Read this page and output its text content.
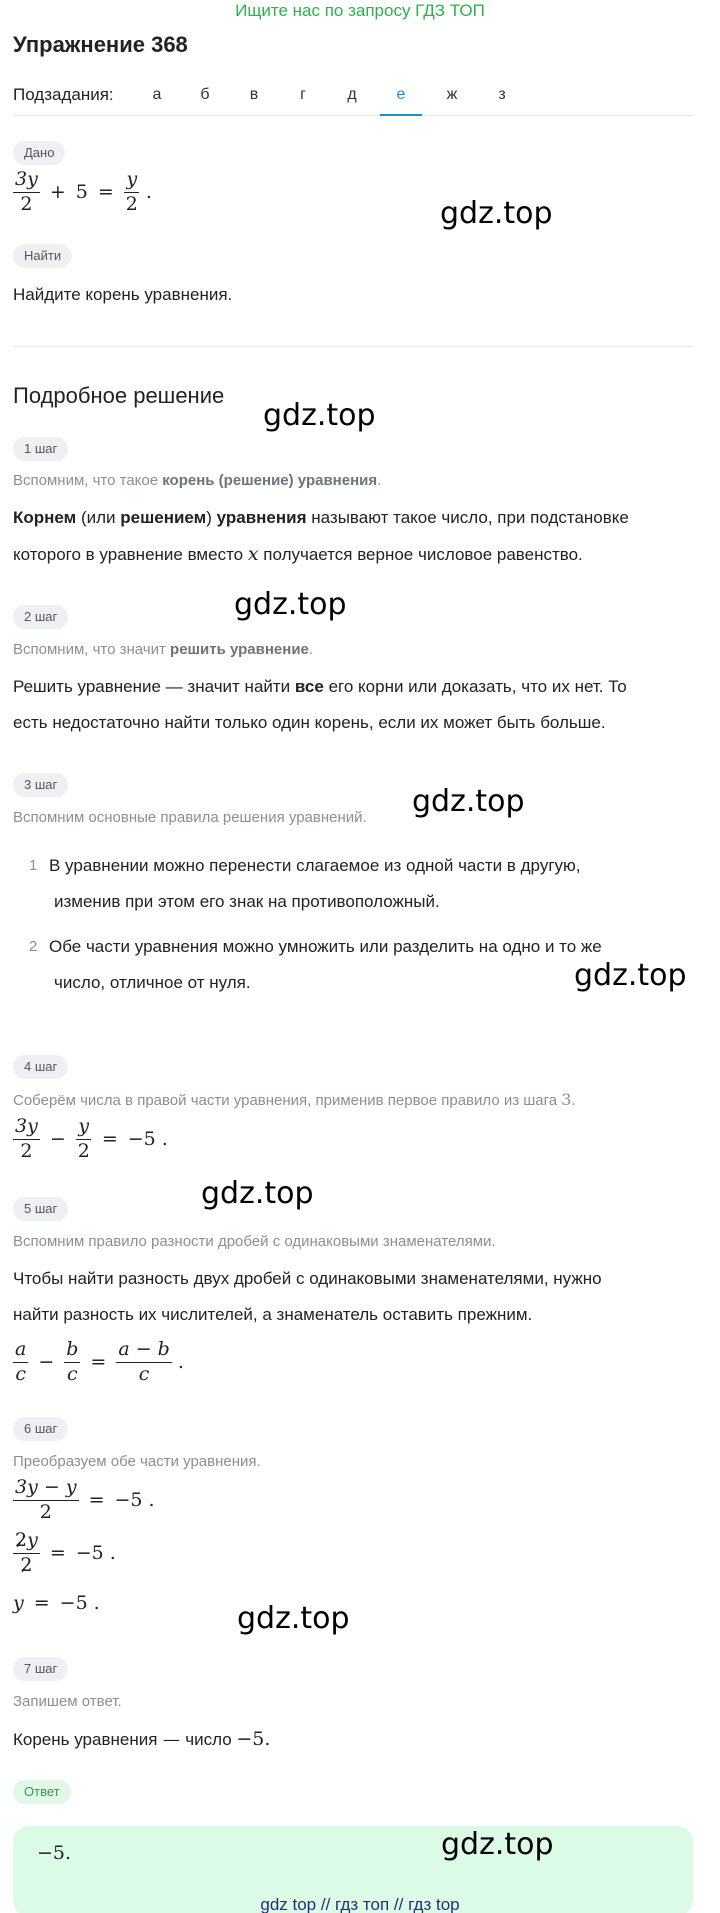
Ищите нас по запросу ГДЗ ТОП
Упражнение 368
Подзадания:	а	б	в	г	д	е	ж	з
Дано
$\frac{3y}{2} + 5 = \frac{y}{2}$ .
gdz.top
Найти
Найдите корень уравнения.
Подробное решение
gdz.top
1 шаг
Вспомним, что такое корень (решение) уравнения.
Корнем (или решением) уравнения называют такое число, при подстановке
которого в уравнение вместо x получается верное числовое равенство.
gdz.top
2 шаг
Вспомним, что значит решить уравнение.
Решить уравнение — значит найти все его корни или доказать, что их нет. То
есть недостаточно найти только один корень, если их может быть больше.
3 шаг
Вспомним основные правила решения уравнений. gdz.top
1 В уравнении можно перенести слагаемое из одной части в другую,
изменив при этом его знак на противоположный.
2 Обе части уравнения можно умножить или разделить на одно и то же
число, отличное от нуля.	gdz.top
4 шаг
Соберём числа в правой части уравнения, применив первое правило из шага 3.
$\frac{3y}{2} - \frac{y}{2} = -5$ .
gdz.top
5 шаг
Вспомним правило разности дробей с одинаковыми знаменателями.
Чтобы найти разность двух дробей с одинаковыми знаменателями, нужно
найти разность их числителей, а знаменатель оставить прежним.
$\frac{a}{c} - \frac{b}{c} = \frac{a - b}{c}$ .
6 шаг
Преобразуем обе части уравнения.
$\frac{3y - y}{2} = -5$ .
$\frac{2y}{2} = -5$ .
y = −5 .	gdz.top
7 шаг
Запишем ответ.
Корень уравнения — число −5.
Ответ
−5.	gdz.top
gdz top // гдз топ // гдз top
